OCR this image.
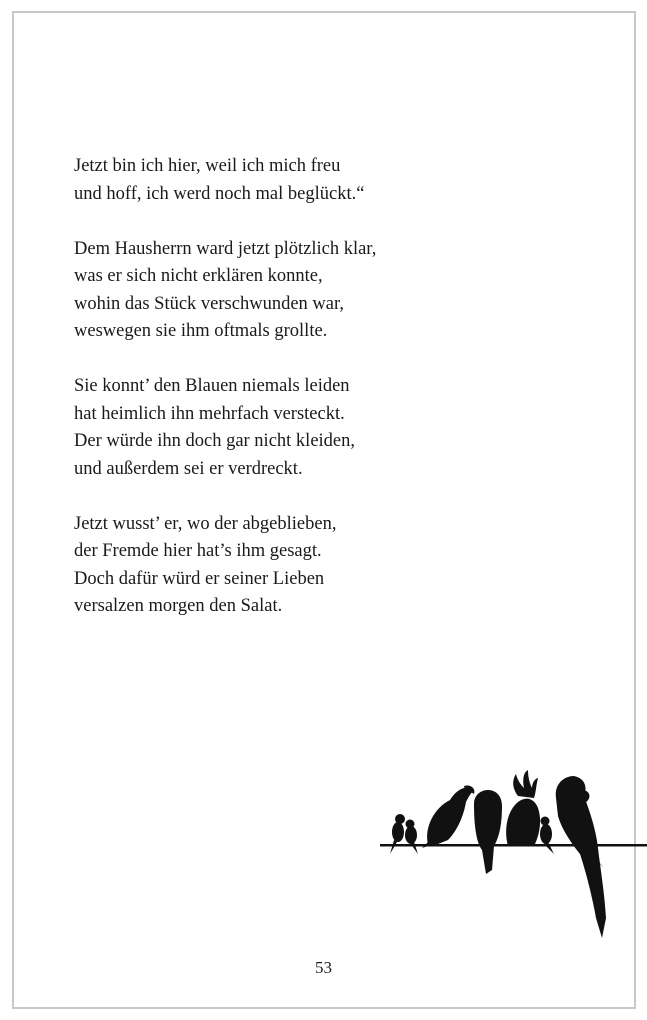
Jetzt bin ich hier, weil ich mich freu
und hoff, ich werd noch mal beglückt.“
Dem Hausherrn ward jetzt plötzlich klar,
was er sich nicht erklären konnte,
wohin das Stück verschwunden war,
weswegen sie ihm oftmals grollte.
Sie konnt’ den Blauen niemals leiden
hat heimlich ihn mehrfach versteckt.
Der würde ihn doch gar nicht kleiden,
und außerdem sei er verdreckt.
Jetzt wusst’ er, wo der abgeblieben,
der Fremde hier hat’s ihm gesagt.
Doch dafür würd er seiner Lieben
versalzen morgen den Salat.
53
